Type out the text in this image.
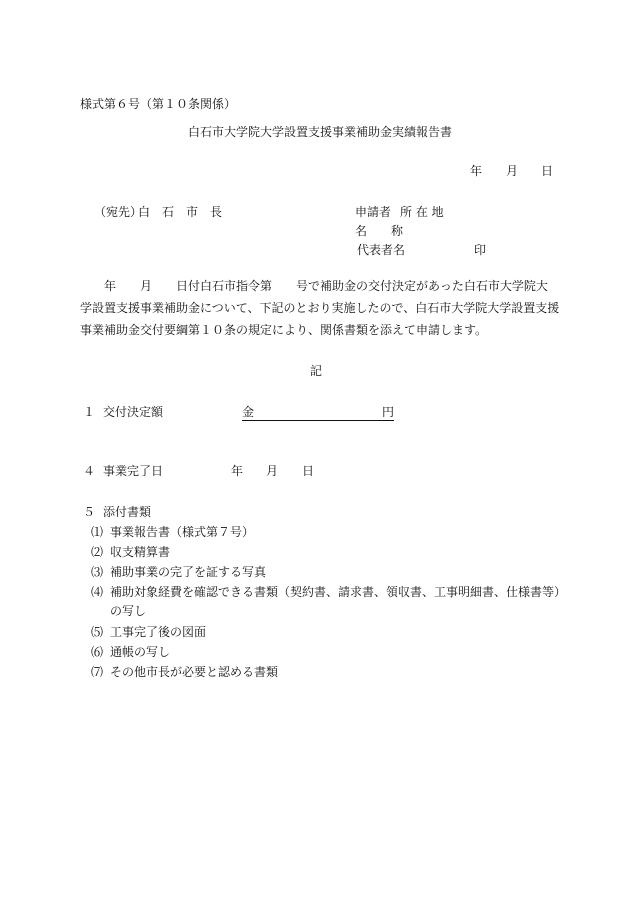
様式第６号（第１０条関係）
白石市大学院大学設置支援事業補助金実績報告書
年 月 日
（宛先）
白　石　市　長	申請者 所 在 地
名　　称
代表者名	印
　　年　　月　　日付白石市指令第　　号で補助金の交付決定があった白石市大学院大
学設置支援事業補助金について、下記のとおり実施したので、白石市大学院大学設置支援
事業補助金交付要綱第１０条の規定により、関係書類を添えて申請します。
記
１ 交付決定額	金	円
４ 事業完了日	年 月 日
５ 添付書類
⑴ 事業報告書（様式第７号）
⑵ 収支精算書
⑶ 補助事業の完了を証する写真
⑷ 補助対象経費を確認できる書類（契約書、請求書、領収書、工事明細書、仕様書等）
の写し
⑸ 工事完了後の図面
⑹ 通帳の写し
⑺ その他市長が必要と認める書類
